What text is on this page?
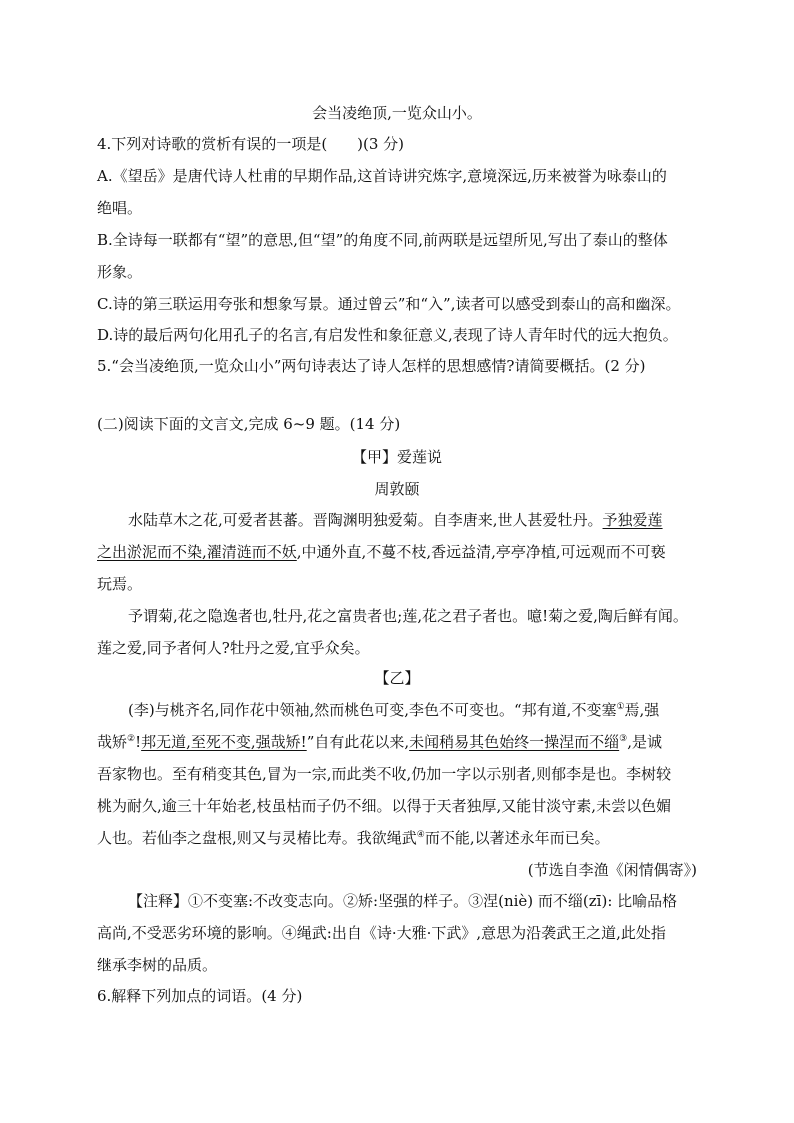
会当凌绝顶,一览众山小。
4.下列对诗歌的赏析有误的一项是(　　)(3 分)
A.《望岳》是唐代诗人杜甫的早期作品,这首诗讲究炼字,意境深远,历来被誉为咏泰山的
绝唱。
B.全诗每一联都有“望”的意思,但“望”的角度不同,前两联是远望所见,写出了泰山的整体
形象。
C.诗的第三联运用夸张和想象写景。通过曾云”和“入”,读者可以感受到泰山的高和幽深。
D.诗的最后两句化用孔子的名言,有启发性和象征意义,表现了诗人青年时代的远大抱负。
5.“会当凌绝顶,一览众山小”两句诗表达了诗人怎样的思想感情?请简要概括。(2 分)
(二)阅读下面的文言文,完成 6~9 题。(14 分)
【甲】爱莲说
周敦颐
水陆草木之花,可爱者甚蕃。晋陶渊明独爱菊。自李唐来,世人甚爱牡丹。予独爱莲
之出淤泥而不染,濯清涟而不妖,中通外直,不蔓不枝,香远益清,亭亭净植,可远观而不可亵
玩焉。
予谓菊,花之隐逸者也,牡丹,花之富贵者也;莲,花之君子者也。噫!菊之爱,陶后鲜有闻。
莲之爱,同予者何人?牡丹之爱,宜乎众矣。
【乙】
(李)与桃齐名,同作花中领袖,然而桃色可变,李色不可变也。“邦有道,不变塞①焉,强
哉矫②!邦无道,至死不变,强哉矫!”自有此花以来,未闻稍易其色始终一操涅而不缁③,是诚
吾家物也。至有稍变其色,冒为一宗,而此类不收,仍加一字以示别者,则郁李是也。李树较
桃为耐久,逾三十年始老,枝虽枯而子仍不细。以得于天者独厚,又能甘淡守素,未尝以色媚
人也。若仙李之盘根,则又与灵椿比寿。我欲绳武④而不能,以著述永年而已矣。
(节选自李渔《闲情偶寄》)
【注释】①不变塞:不改变志向。②矫:坚强的样子。③涅(niè) 而不缁(zī): 比喻品格
高尚,不受恶劣环境的影响。④绳武:出自《诗·大雅·下武》,意思为沿袭武王之道,此处指
继承李树的品质。
6.解释下列加点的词语。(4 分)
